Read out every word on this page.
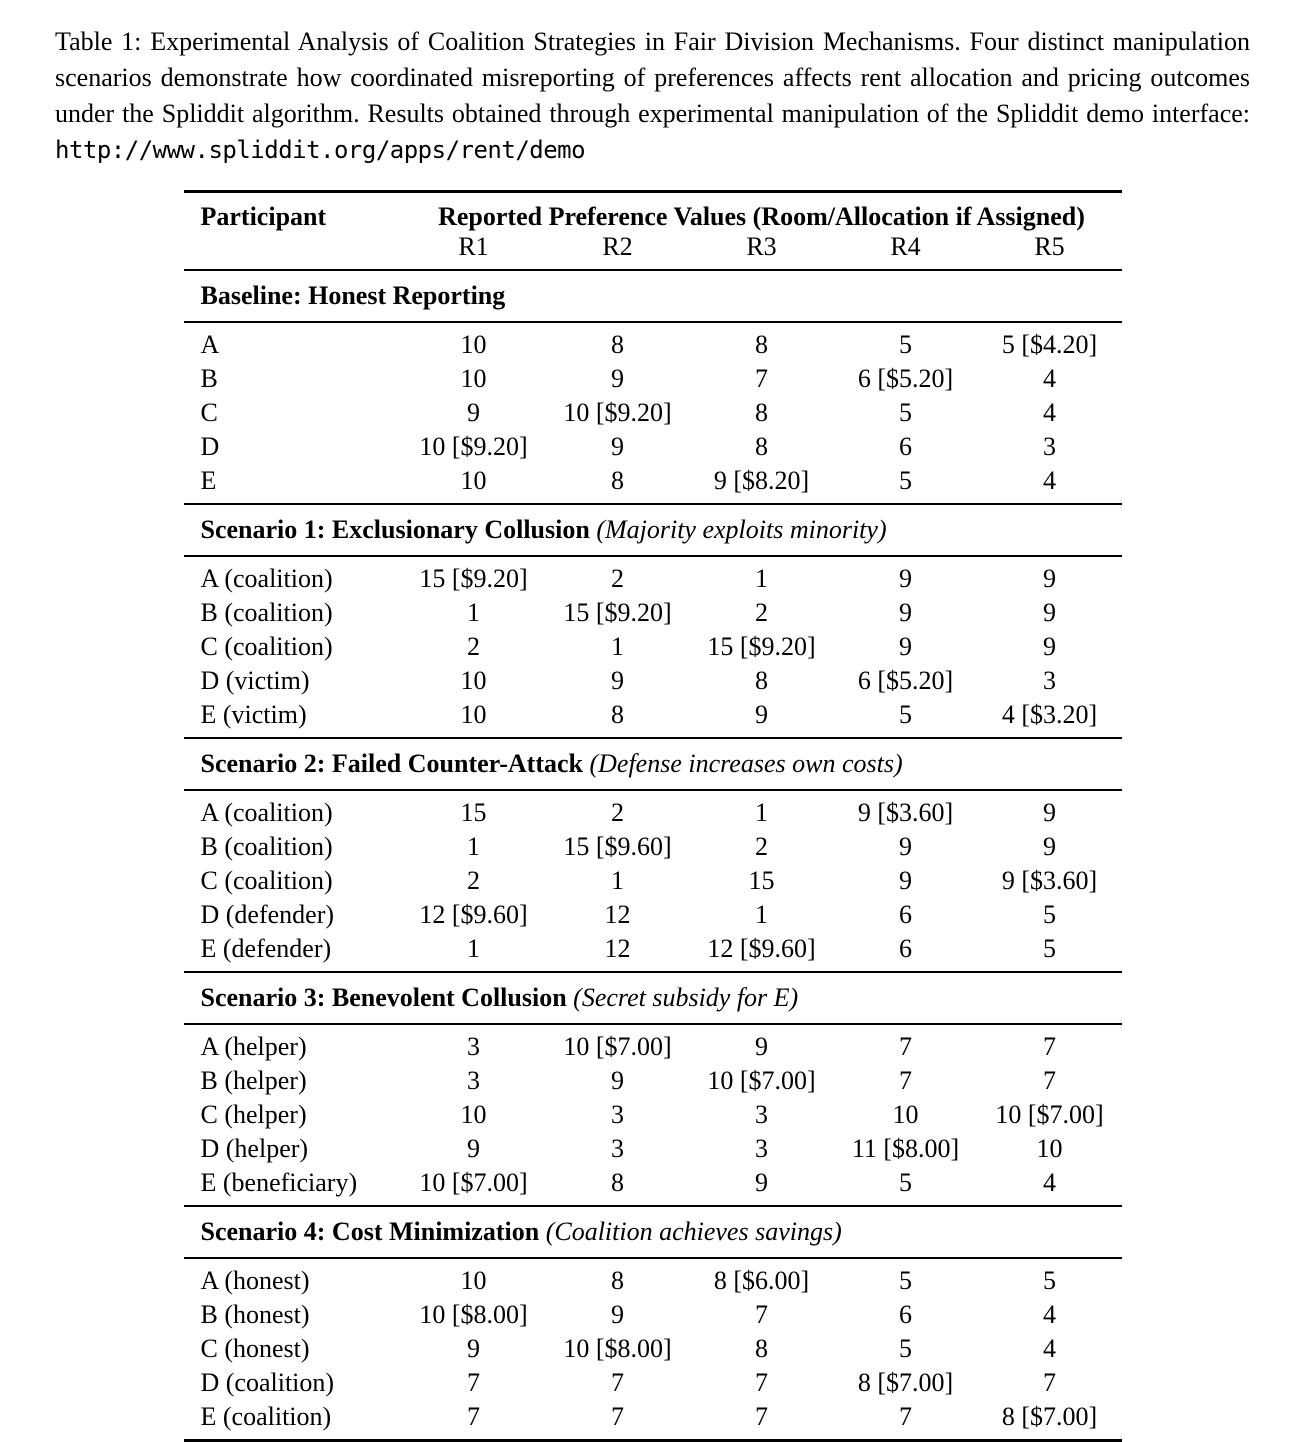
Table 1: Experimental Analysis of Coalition Strategies in Fair Division Mechanisms. Four distinct manipulation scenarios demonstrate how coordinated misreporting of preferences affects rent allocation and pricing outcomes under the Spliddit algorithm. Results obtained through experimental manipulation of the Spliddit demo interface: http://www.spliddit.org/apps/rent/demo

Participant	Reported Preference Values (Room/Allocation if Assigned)				
	R1	R2	R3	R4	R5
Baseline: Honest Reporting					
A	10	8	8	5	5 [$4.20]
B	10	9	7	6 [$5.20]	4
C	9	10 [$9.20]	8	5	4
D	10 [$9.20]	9	8	6	3
E	10	8	9 [$8.20]	5	4
Scenario 1: Exclusionary Collusion (Majority exploits minority)					
A (coalition)	15 [$9.20]	2	1	9	9
B (coalition)	1	15 [$9.20]	2	9	9
C (coalition)	2	1	15 [$9.20]	9	9
D (victim)	10	9	8	6 [$5.20]	3
E (victim)	10	8	9	5	4 [$3.20]
Scenario 2: Failed Counter-Attack (Defense increases own costs)					
A (coalition)	15	2	1	9 [$3.60]	9
B (coalition)	1	15 [$9.60]	2	9	9
C (coalition)	2	1	15	9	9 [$3.60]
D (defender)	12 [$9.60]	12	1	6	5
E (defender)	1	12	12 [$9.60]	6	5
Scenario 3: Benevolent Collusion (Secret subsidy for E)					
A (helper)	3	10 [$7.00]	9	7	7
B (helper)	3	9	10 [$7.00]	7	7
C (helper)	10	3	3	10	10 [$7.00]
D (helper)	9	3	3	11 [$8.00]	10
E (beneficiary)	10 [$7.00]	8	9	5	4
Scenario 4: Cost Minimization (Coalition achieves savings)					
A (honest)	10	8	8 [$6.00]	5	5
B (honest)	10 [$8.00]	9	7	6	4
C (honest)	9	10 [$8.00]	8	5	4
D (coalition)	7	7	7	8 [$7.00]	7
E (coalition)	7	7	7	7	8 [$7.00]
